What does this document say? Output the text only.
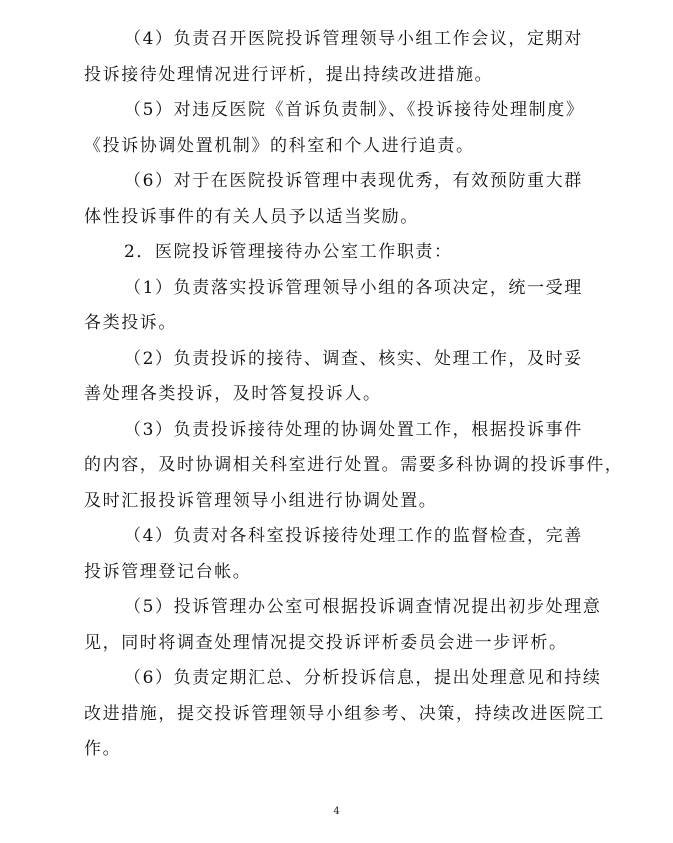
（4）负责召开医院投诉管理领导小组工作会议，定期对
投诉接待处理情况进行评析，提出持续改进措施。

（5）对违反医院《首诉负责制》、《投诉接待处理制度》
《投诉协调处置机制》的科室和个人进行追责。

（6）对于在医院投诉管理中表现优秀，有效预防重大群
体性投诉事件的有关人员予以适当奖励。

2．医院投诉管理接待办公室工作职责：

（1）负责落实投诉管理领导小组的各项决定，统一受理
各类投诉。

（2）负责投诉的接待、调查、核实、处理工作，及时妥
善处理各类投诉，及时答复投诉人。

（3）负责投诉接待处理的协调处置工作，根据投诉事件
的内容，及时协调相关科室进行处置。需要多科协调的投诉事件，
及时汇报投诉管理领导小组进行协调处置。

（4）负责对各科室投诉接待处理工作的监督检查，完善
投诉管理登记台帐。

（5）投诉管理办公室可根据投诉调查情况提出初步处理意
见，同时将调查处理情况提交投诉评析委员会进一步评析。

（6）负责定期汇总、分析投诉信息，提出处理意见和持续
改进措施，提交投诉管理领导小组参考、决策，持续改进医院工
作。

4
